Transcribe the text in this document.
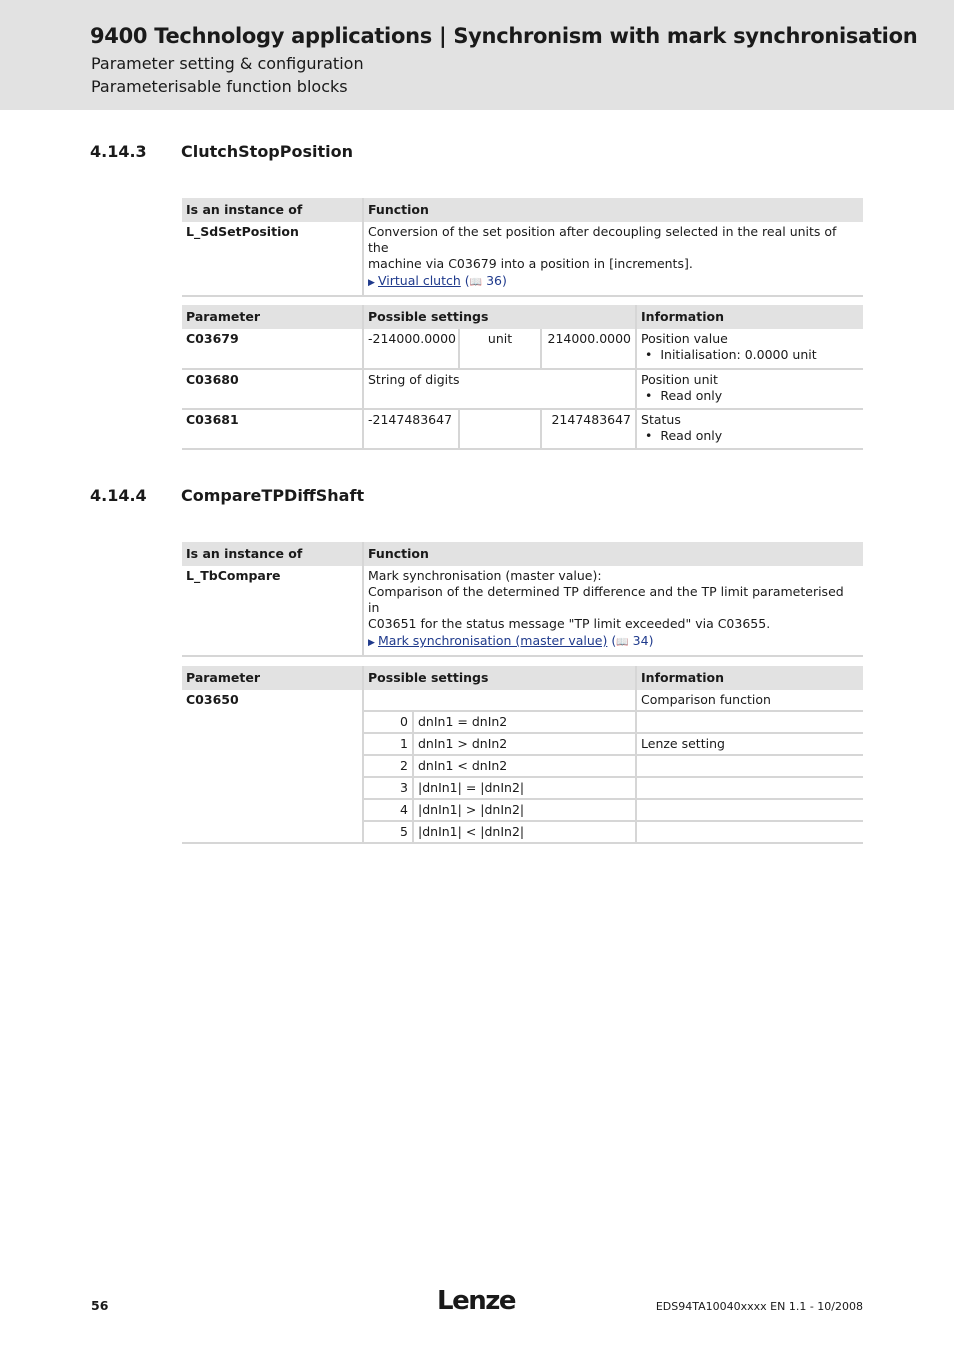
9400 Technology applications | Synchronism with mark synchronisation
Parameter setting & configuration
Parameterisable function blocks
4.14.3 ClutchStopPosition
Is an instance of	Function
L_SdSetPosition	Conversion of the set position after decoupling selected in the real units of the
machine via C03679 into a position in [increments].
▶ Virtual clutch (📖 36)
Parameter	Possible settings			Information
C03679	-214000.0000	unit	214000.0000	Position value
•  Initialisation: 0.0000 unit

C03680	String of digits			Position unit
•  Read only

C03681	-2147483647		2147483647	Status
•  Read only
4.14.4 CompareTPDiffShaft
Is an instance of	Function
L_TbCompare	Mark synchronisation (master value):
Comparison of the determined TP difference and the TP limit parameterised in
C03651 for the status message "TP limit exceeded" via C03655.
▶ Mark synchronisation (master value) (📖 34)
Parameter	Possible settings		Information
C03650			Comparison function
	0	dnIn1 = dnIn2	
	1	dnIn1 > dnIn2	Lenze setting
	2	dnIn1 < dnIn2	
	3	|dnIn1| = |dnIn2|	
	4	|dnIn1| > |dnIn2|	
	5	|dnIn1| < |dnIn2|	
56	Lenze	EDS94TA10040xxxx EN 1.1 - 10/2008
